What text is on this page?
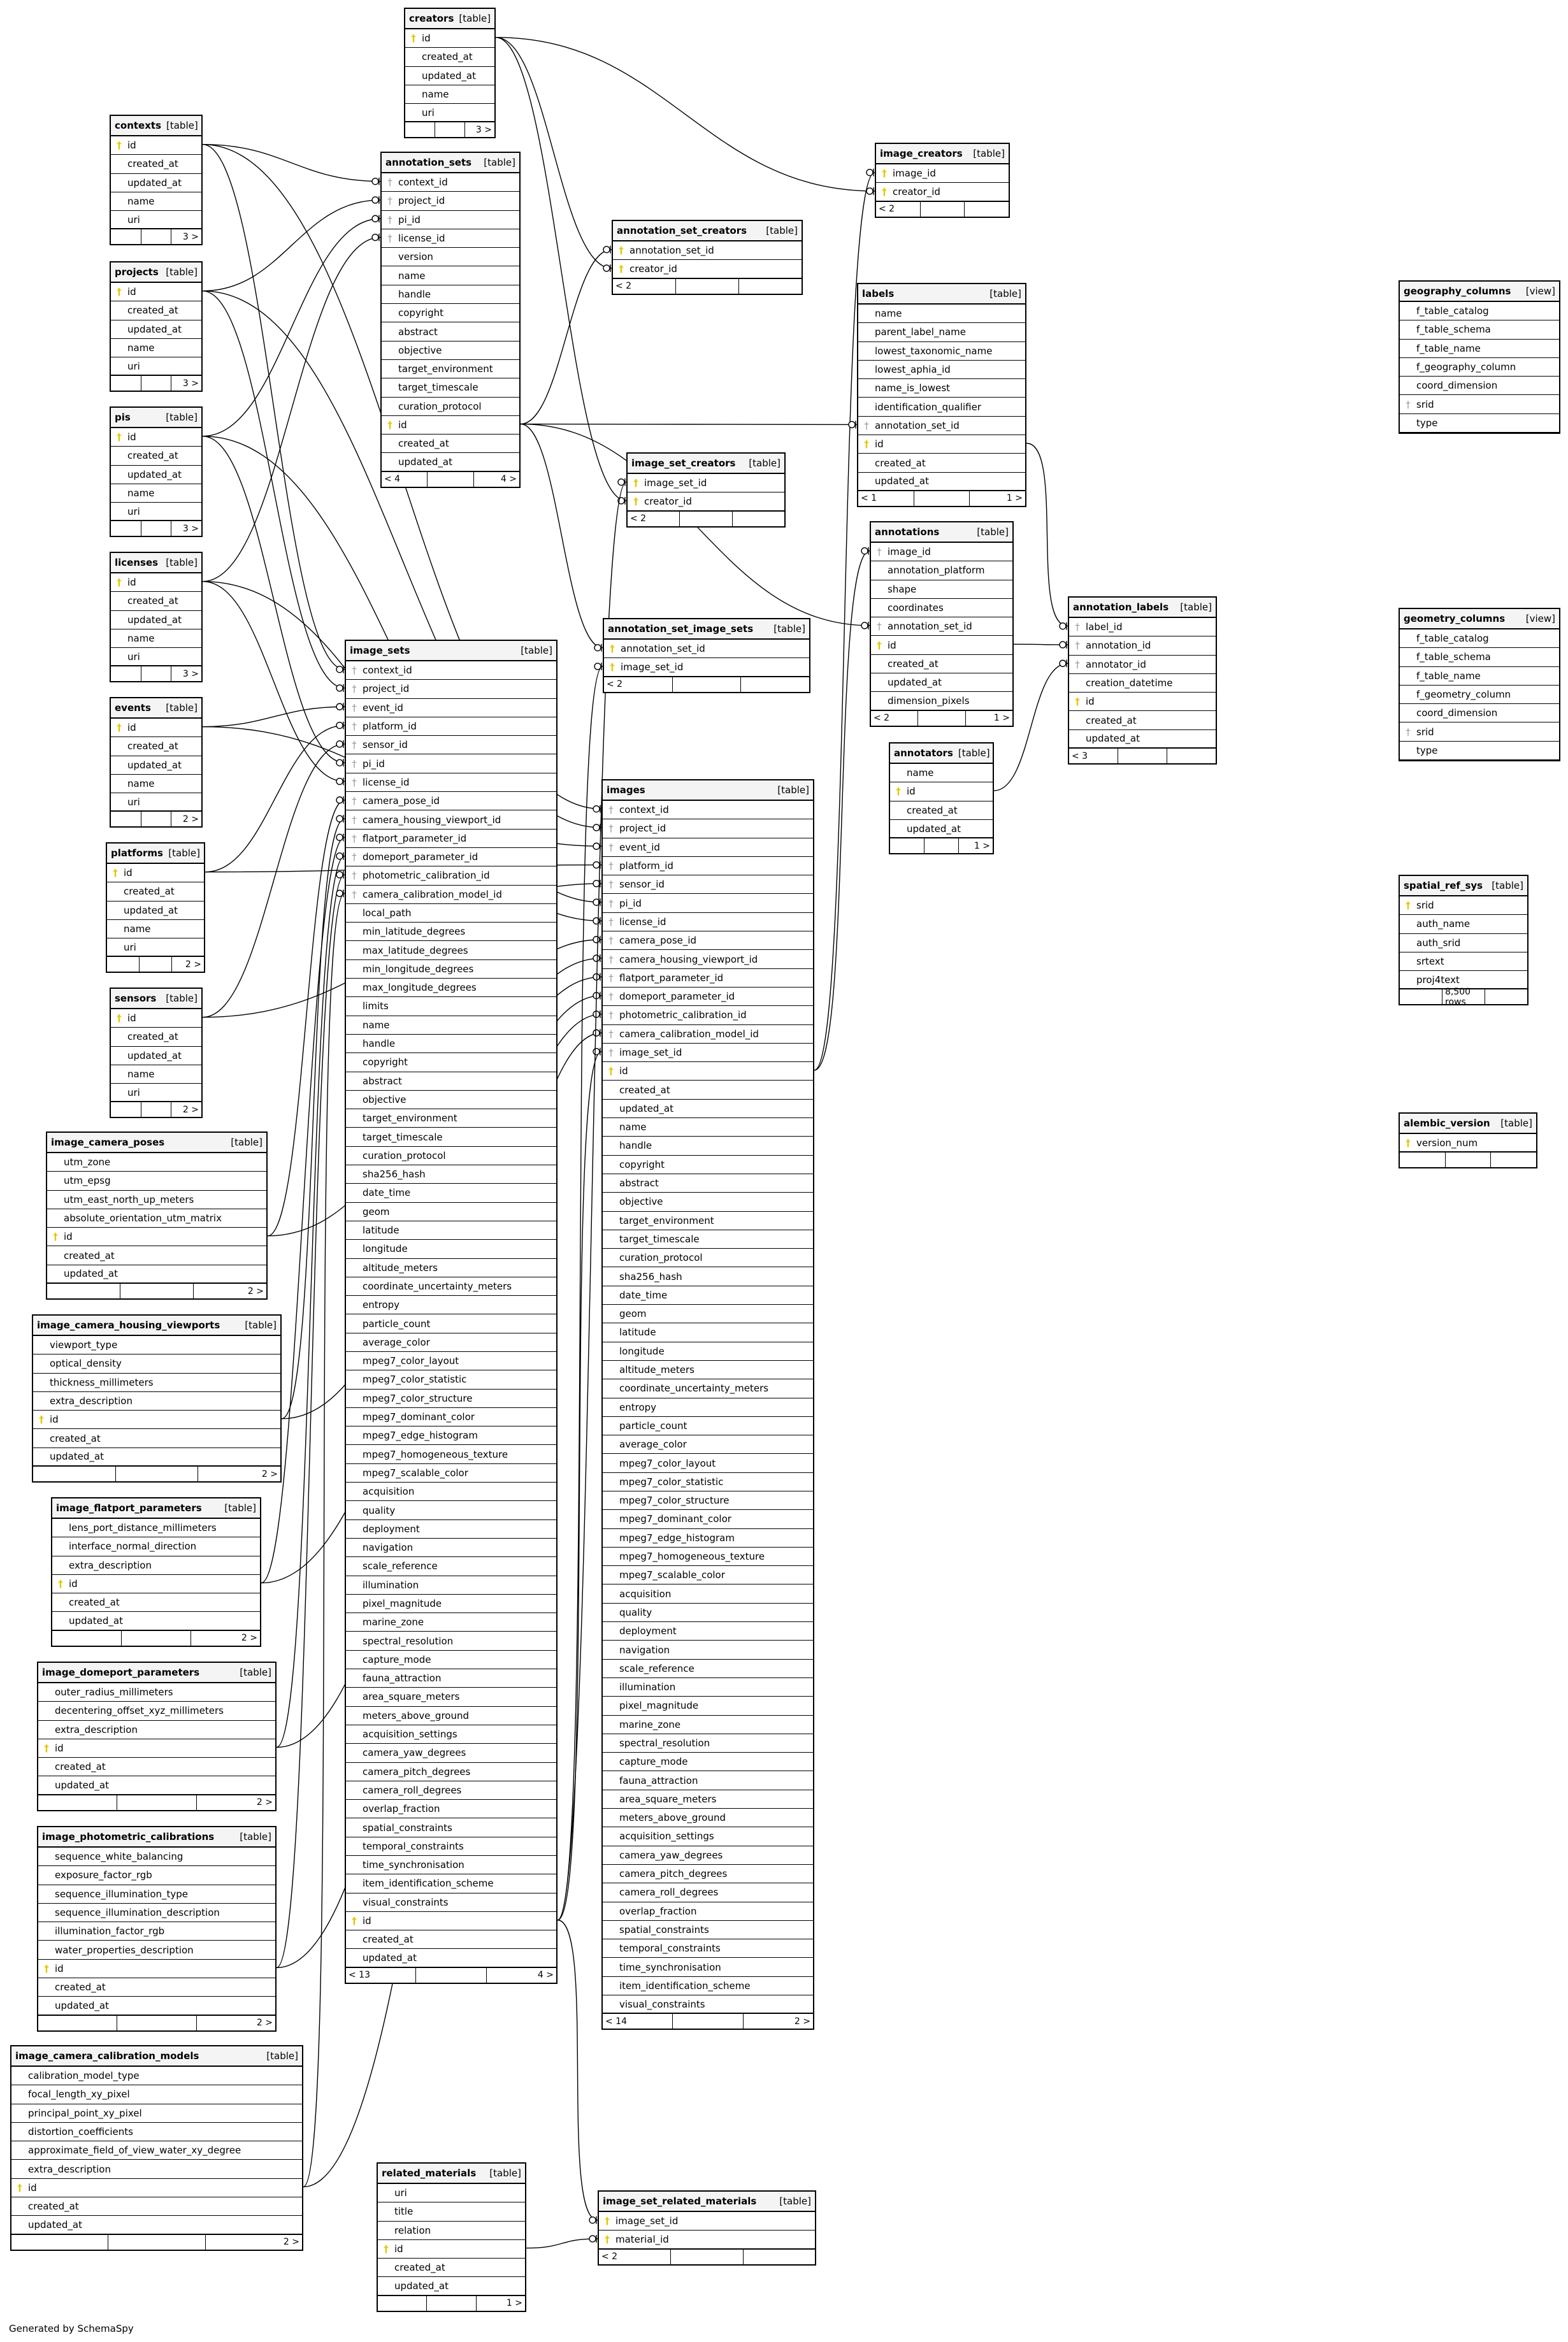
creators [table]
† id
created_at
updated_at
name
uri
3 >
contexts [table]
† id
created_at
updated_at
name
uri
3 >
projects [table]
† id
created_at
updated_at
name
uri
3 >
pis	[table]
† id
created_at
updated_at
name
uri
3 >
licenses [table]
† id
created_at
updated_at
name
uri
3 >
events [table]
† id
created_at
updated_at
name
uri
2 >
platforms [table]
† id
created_at
updated_at
name
uri
2 >
sensors [table]
† id
created_at
updated_at
name
uri
2 >
image_camera_poses	[table]
utm_zone
utm_epsg
utm_east_north_up_meters
absolute_orientation_utm_matrix
† id
created_at
updated_at
2 >
image_camera_housing_viewports	[table]
viewport_type
optical_density
thickness_millimeters
extra_description
† id
created_at
updated_at
2 >
image_flatport_parameters [table]
lens_port_distance_millimeters
interface_normal_direction
extra_description
† id
created_at
updated_at
2 >
image_domeport_parameters	[table]
outer_radius_millimeters
decentering_offset_xyz_millimeters
extra_description
† id
created_at
updated_at
2 >
image_photometric_calibrations	[table]
sequence_white_balancing
exposure_factor_rgb
sequence_illumination_type
sequence_illumination_description
illumination_factor_rgb
water_properties_description
† id
created_at
updated_at
2 >
image_camera_calibration_models	[table]
calibration_model_type
focal_length_xy_pixel
principal_point_xy_pixel
distortion_coefficients
approximate_field_of_view_water_xy_degree
extra_description
† id
created_at
updated_at
2 >
annotation_sets [table]
† context_id
† project_id
† pi_id
† license_id
version
name
handle
copyright
abstract
objective
target_environment
target_timescale
curation_protocol
† id
created_at
updated_at
< 4	4 >
image_sets	[table]
† context_id
† project_id
† event_id
† platform_id
† sensor_id
† pi_id
† license_id
† camera_pose_id
† camera_housing_viewport_id
† flatport_parameter_id
† domeport_parameter_id
† photometric_calibration_id
† camera_calibration_model_id
local_path
min_latitude_degrees
max_latitude_degrees
min_longitude_degrees
max_longitude_degrees
limits
name
handle
copyright
abstract
objective
target_environment
target_timescale
curation_protocol
sha256_hash
date_time
geom
latitude
longitude
altitude_meters
coordinate_uncertainty_meters
entropy
particle_count
average_color
mpeg7_color_layout
mpeg7_color_statistic
mpeg7_color_structure
mpeg7_dominant_color
mpeg7_edge_histogram
mpeg7_homogeneous_texture
mpeg7_scalable_color
acquisition
quality
deployment
navigation
scale_reference
illumination
pixel_magnitude
marine_zone
spectral_resolution
capture_mode
fauna_attraction
area_square_meters
meters_above_ground
acquisition_settings
camera_yaw_degrees
camera_pitch_degrees
camera_roll_degrees
overlap_fraction
spatial_constraints
temporal_constraints
time_synchronisation
item_identification_scheme
visual_constraints
† id
created_at
updated_at
< 13	4 >
related_materials [table]
uri
title
relation
† id
created_at
updated_at
1 >
annotation_set_creators [table]
† annotation_set_id
† creator_id
< 2
image_set_creators [table]
† image_set_id
† creator_id
< 2
annotation_set_image_sets [table]
† annotation_set_id
† image_set_id
< 2
images	[table]
† context_id
† project_id
† event_id
† platform_id
† sensor_id
† pi_id
† license_id
† camera_pose_id
† camera_housing_viewport_id
† flatport_parameter_id
† domeport_parameter_id
† photometric_calibration_id
† camera_calibration_model_id
† image_set_id
† id
created_at
updated_at
name
handle
copyright
abstract
objective
target_environment
target_timescale
curation_protocol
sha256_hash
date_time
geom
latitude
longitude
altitude_meters
coordinate_uncertainty_meters
entropy
particle_count
average_color
mpeg7_color_layout
mpeg7_color_statistic
mpeg7_color_structure
mpeg7_dominant_color
mpeg7_edge_histogram
mpeg7_homogeneous_texture
mpeg7_scalable_color
acquisition
quality
deployment
navigation
scale_reference
illumination
pixel_magnitude
marine_zone
spectral_resolution
capture_mode
fauna_attraction
area_square_meters
meters_above_ground
acquisition_settings
camera_yaw_degrees
camera_pitch_degrees
camera_roll_degrees
overlap_fraction
spatial_constraints
temporal_constraints
time_synchronisation
item_identification_scheme
visual_constraints
< 14	2 >
image_set_related_materials [table]
† image_set_id
† material_id
< 2
image_creators [table]
† image_id
† creator_id
< 2
labels	[table]
name
parent_label_name
lowest_taxonomic_name
lowest_aphia_id
name_is_lowest
identification_qualifier
† annotation_set_id
† id
created_at
updated_at
< 1	1 >
annotations	[table]
† image_id
annotation_platform
shape
coordinates
† annotation_set_id
† id
created_at
updated_at
dimension_pixels
< 2	1 >
annotators [table]
name
† id
created_at
updated_at
1 >
annotation_labels [table]
† label_id
† annotation_id
† annotator_id
creation_datetime
† id
created_at
updated_at
< 3
geography_columns [view]
f_table_catalog
f_table_schema
f_table_name
f_geography_column
coord_dimension
† srid
type
geometry_columns [view]
f_table_catalog
f_table_schema
f_table_name
f_geometry_column
coord_dimension
† srid
type
spatial_ref_sys [table]
† srid
auth_name
auth_srid
srtext
proj4text
8,500 rows
alembic_version [table]
† version_num
Generated by SchemaSpy
